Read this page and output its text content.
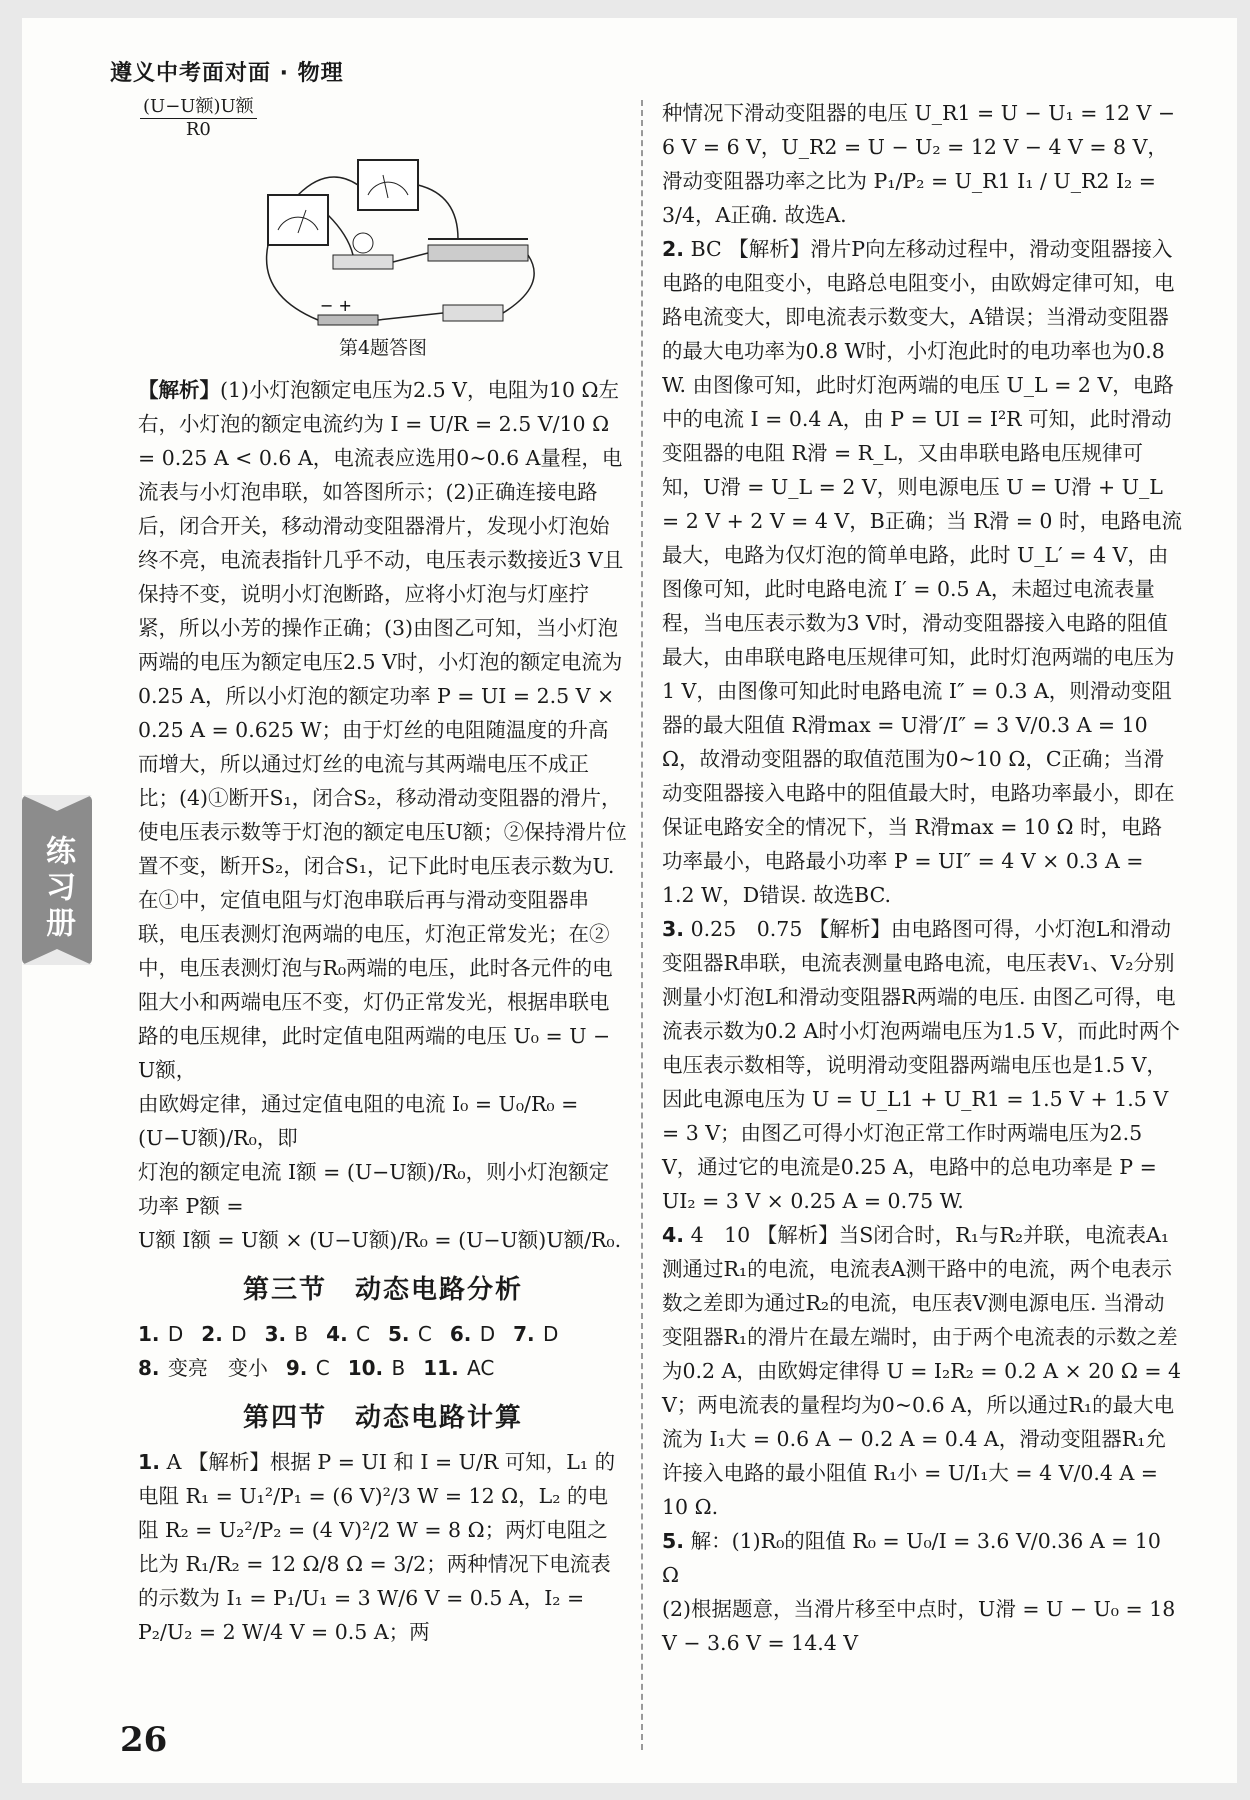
遵义中考面对面 · 物理
练习册
$\frac{\text{(U−U额)U额}}{R0}$
− +
第4题答图

【解析】(1)小灯泡额定电压为2.5 V，电阻为10 Ω左右，小灯泡的额定电流约为 I = U/R = 2.5 V/10 Ω = 0.25 A < 0.6 A，电流表应选用0~0.6 A量程，电流表与小灯泡串联，如答图所示；(2)正确连接电路后，闭合开关，移动滑动变阻器滑片，发现小灯泡始终不亮，电流表指针几乎不动，电压表示数接近3 V且保持不变，说明小灯泡断路，应将小灯泡与灯座拧紧，所以小芳的操作正确；(3)由图乙可知，当小灯泡两端的电压为额定电压2.5 V时，小灯泡的额定电流为0.25 A，所以小灯泡的额定功率 P = UI = 2.5 V × 0.25 A = 0.625 W；由于灯丝的电阻随温度的升高而增大，所以通过灯丝的电流与其两端电压不成正比；(4)①断开S₁，闭合S₂，移动滑动变阻器的滑片，使电压表示数等于灯泡的额定电压U额；②保持滑片位置不变，断开S₂，闭合S₁，记下此时电压表示数为U. 在①中，定值电阻与灯泡串联后再与滑动变阻器串联，电压表测灯泡两端的电压，灯泡正常发光；在②中，电压表测灯泡与R₀两端的电压，此时各元件的电阻大小和两端电压不变，灯仍正常发光，根据串联电路的电压规律，此时定值电阻两端的电压 U₀ = U − U额，

由欧姆定律，通过定值电阻的电流 I₀ = U₀/R₀ = (U−U额)/R₀，即

灯泡的额定电流 I额 = (U−U额)/R₀，则小灯泡额定功率 P额 =

U额 I额 = U额 × (U−U额)/R₀ = (U−U额)U额/R₀.

第三节　动态电路分析
1. D 2. D 3. B 4. C 5. C 6. D 7. D
8. 变亮　变小 9. C 10. B 11. AC
第四节　动态电路计算

1. A 【解析】根据 P = UI 和 I = U/R 可知，L₁ 的电阻 R₁ = U₁²/P₁ = (6 V)²/3 W = 12 Ω，L₂ 的电阻 R₂ = U₂²/P₂ = (4 V)²/2 W = 8 Ω；两灯电阻之比为 R₁/R₂ = 12 Ω/8 Ω = 3/2；两种情况下电流表的示数为 I₁ = P₁/U₁ = 3 W/6 V = 0.5 A，I₂ = P₂/U₂ = 2 W/4 V = 0.5 A；两

种情况下滑动变阻器的电压 U_R1 = U − U₁ = 12 V − 6 V = 6 V，U_R2 = U − U₂ = 12 V − 4 V = 8 V，滑动变阻器功率之比为 P₁/P₂ = U_R1 I₁ / U_R2 I₂ = 3/4，A正确. 故选A.

2. BC 【解析】滑片P向左移动过程中，滑动变阻器接入电路的电阻变小，电路总电阻变小，由欧姆定律可知，电路电流变大，即电流表示数变大，A错误；当滑动变阻器的最大电功率为0.8 W时，小灯泡此时的电功率也为0.8 W. 由图像可知，此时灯泡两端的电压 U_L = 2 V，电路中的电流 I = 0.4 A，由 P = UI = I²R 可知，此时滑动变阻器的电阻 R滑 = R_L，又由串联电路电压规律可知，U滑 = U_L = 2 V，则电源电压 U = U滑 + U_L = 2 V + 2 V = 4 V，B正确；当 R滑 = 0 时，电路电流最大，电路为仅灯泡的简单电路，此时 U_L′ = 4 V，由图像可知，此时电路电流 I′ = 0.5 A，未超过电流表量程，当电压表示数为3 V时，滑动变阻器接入电路的阻值最大，由串联电路电压规律可知，此时灯泡两端的电压为1 V，由图像可知此时电路电流 I″ = 0.3 A，则滑动变阻器的最大阻值 R滑max = U滑′/I″ = 3 V/0.3 A = 10 Ω，故滑动变阻器的取值范围为0~10 Ω，C正确；当滑动变阻器接入电路中的阻值最大时，电路功率最小，即在保证电路安全的情况下，当 R滑max = 10 Ω 时，电路功率最小，电路最小功率 P = UI″ = 4 V × 0.3 A = 1.2 W，D错误. 故选BC.

3. 0.25　0.75 【解析】由电路图可得，小灯泡L和滑动变阻器R串联，电流表测量电路电流，电压表V₁、V₂分别测量小灯泡L和滑动变阻器R两端的电压. 由图乙可得，电流表示数为0.2 A时小灯泡两端电压为1.5 V，而此时两个电压表示数相等，说明滑动变阻器两端电压也是1.5 V，因此电源电压为 U = U_L1 + U_R1 = 1.5 V + 1.5 V = 3 V；由图乙可得小灯泡正常工作时两端电压为2.5 V，通过它的电流是0.25 A，电路中的总电功率是 P = UI₂ = 3 V × 0.25 A = 0.75 W.

4. 4　10 【解析】当S闭合时，R₁与R₂并联，电流表A₁测通过R₁的电流，电流表A测干路中的电流，两个电表示数之差即为通过R₂的电流，电压表V测电源电压. 当滑动变阻器R₁的滑片在最左端时，由于两个电流表的示数之差为0.2 A，由欧姆定律得 U = I₂R₂ = 0.2 A × 20 Ω = 4 V；两电流表的量程均为0~0.6 A，所以通过R₁的最大电流为 I₁大 = 0.6 A − 0.2 A = 0.4 A，滑动变阻器R₁允许接入电路的最小阻值 R₁小 = U/I₁大 = 4 V/0.4 A = 10 Ω.

5. 解：(1)R₀的阻值 R₀ = U₀/I = 3.6 V/0.36 A = 10 Ω

(2)根据题意，当滑片移至中点时，U滑 = U − U₀ = 18 V − 3.6 V = 14.4 V

26
